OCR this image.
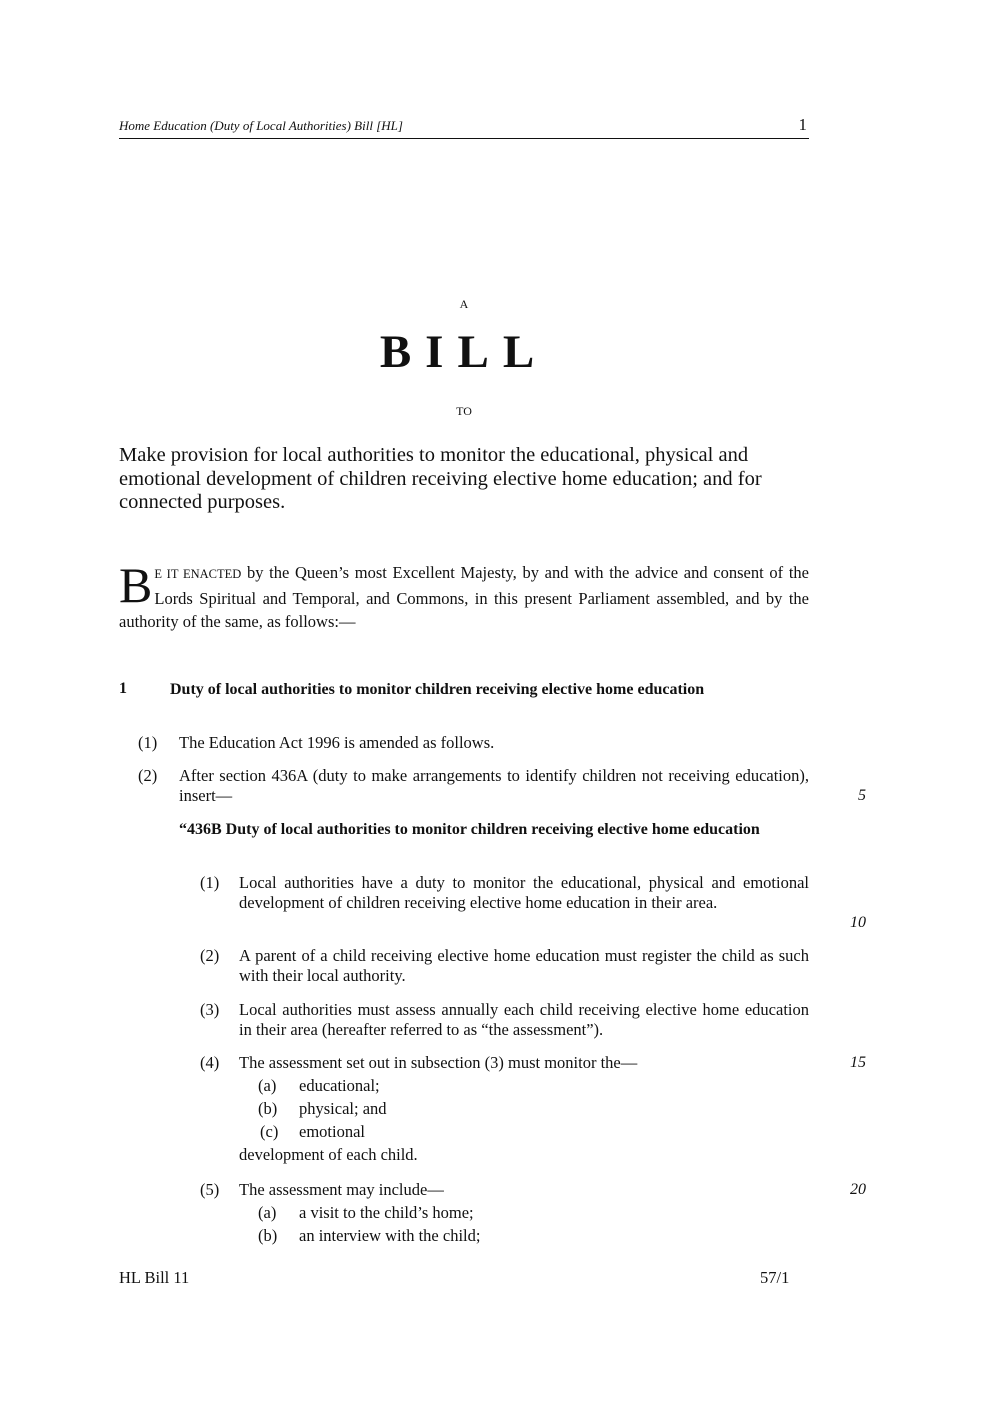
Home Education (Duty of Local Authorities) Bill [HL]	1
A
BILL
TO
Make provision for local authorities to monitor the educational, physical and emotional development of children receiving elective home education; and for connected purposes.
B E IT ENACTED by the Queen’s most Excellent Majesty, by and with the advice and consent of the Lords Spiritual and Temporal, and Commons, in this present Parliament assembled, and by the authority of the same, as follows:—
1	Duty of local authorities to monitor children receiving elective home education
(1) The Education Act 1996 is amended as follows.
(2) After section 436A (duty to make arrangements to identify children not receiving education), insert—
“436B Duty of local authorities to monitor children receiving elective home education
(1) Local authorities have a duty to monitor the educational, physical and emotional development of children receiving elective home education in their area.
(2) A parent of a child receiving elective home education must register the child as such with their local authority.
(3) Local authorities must assess annually each child receiving elective home education in their area (hereafter referred to as “the assessment”).
(4) The assessment set out in subsection (3) must monitor the—
(a) educational;
(b) physical; and
(c) emotional
development of each child.
(5) The assessment may include—
(a) a visit to the child’s home;
(b) an interview with the child;
5
10
15
20
HL Bill 11	57/1
